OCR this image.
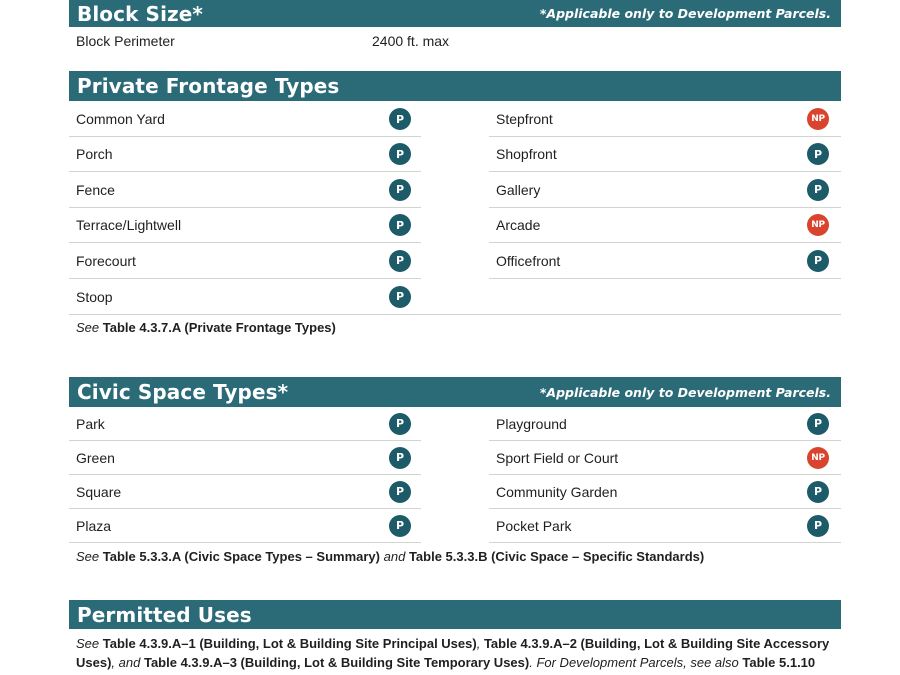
Block Size*	*Applicable only to Development Parcels.
Block Perimeter	2400 ft. max
Private Frontage Types
Common Yard	P
Porch	P
Fence	P
Terrace/Lightwell	P
Forecourt	P
Stoop	P
Stepfront	NP
Shopfront	P
Gallery	P
Arcade	NP
Officefront	P
See Table 4.3.7.A (Private Frontage Types)
Civic Space Types*	*Applicable only to Development Parcels.
Park	P
Green	P
Square	P
Plaza	P
Playground	P
Sport Field or Court	NP
Community Garden	P
Pocket Park	P
See Table 5.3.3.A (Civic Space Types – Summary) and Table 5.3.3.B (Civic Space – Specific Standards)
Permitted Uses
See Table 4.3.9.A–1 (Building, Lot & Building Site Principal Uses), Table 4.3.9.A–2 (Building, Lot & Building Site Accessory Uses), and Table 4.3.9.A–3 (Building, Lot & Building Site Temporary Uses). For Development Parcels, see also Table 5.1.10
